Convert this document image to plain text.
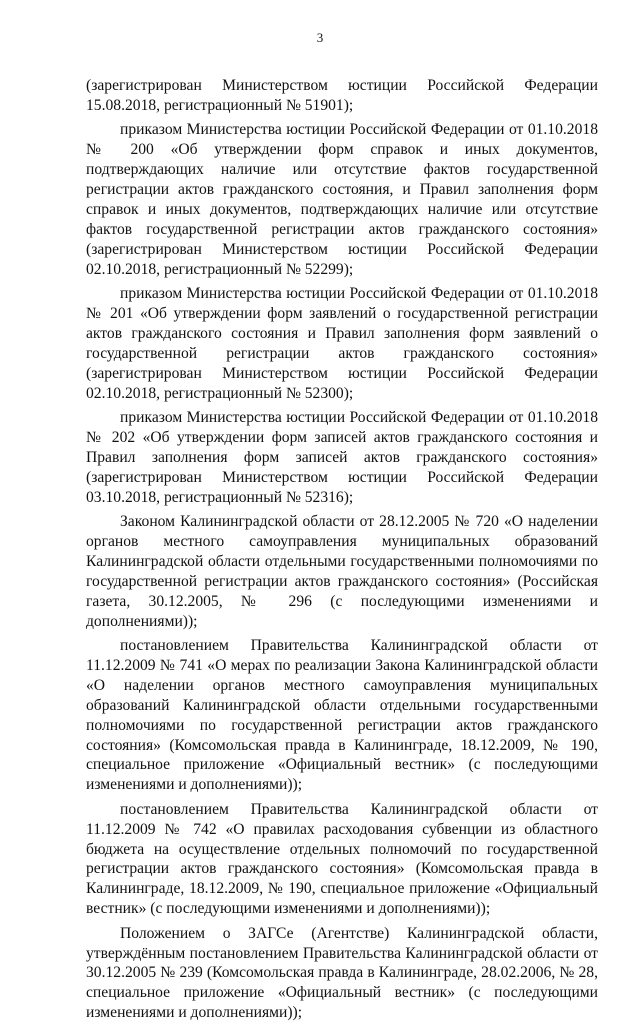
3

(зарегистрирован Министерством юстиции Российской Федерации 15.08.2018, регистрационный № 51901);

приказом Министерства юстиции Российской Федерации от 01.10.2018 № 200 «Об утверждении форм справок и иных документов, подтверждающих наличие или отсутствие фактов государственной регистрации актов гражданского состояния, и Правил заполнения форм справок и иных документов, подтверждающих наличие или отсутствие фактов государственной регистрации актов гражданского состояния» (зарегистрирован Министерством юстиции Российской Федерации 02.10.2018, регистрационный № 52299);

приказом Министерства юстиции Российской Федерации от 01.10.2018 № 201 «Об утверждении форм заявлений о государственной регистрации актов гражданского состояния и Правил заполнения форм заявлений о государственной регистрации актов гражданского состояния» (зарегистрирован Министерством юстиции Российской Федерации 02.10.2018, регистрационный № 52300);

приказом Министерства юстиции Российской Федерации от 01.10.2018 № 202 «Об утверждении форм записей актов гражданского состояния и Правил заполнения форм записей актов гражданского состояния» (зарегистрирован Министерством юстиции Российской Федерации 03.10.2018, регистрационный № 52316);

Законом Калининградской области от 28.12.2005 № 720 «О наделении органов местного самоуправления муниципальных образований Калининградской области отдельными государственными полномочиями по государственной регистрации актов гражданского состояния» (Российская газета, 30.12.2005, № 296 (с последующими изменениями и дополнениями));

постановлением Правительства Калининградской области от 11.12.2009 № 741 «О мерах по реализации Закона Калининградской области «О наделении органов местного самоуправления муниципальных образований Калининградской области отдельными государственными полномочиями по государственной регистрации актов гражданского состояния» (Комсомольская правда в Калининграде, 18.12.2009, № 190, специальное приложение «Официальный вестник» (с последующими изменениями и дополнениями));

постановлением Правительства Калининградской области от 11.12.2009 № 742 «О правилах расходования субвенции из областного бюджета на осуществление отдельных полномочий по государственной регистрации актов гражданского состояния» (Комсомольская правда в Калининграде, 18.12.2009, № 190, специальное приложение «Официальный вестник» (с последующими изменениями и дополнениями));

Положением о ЗАГСе (Агентстве) Калининградской области, утверждённым постановлением Правительства Калининградской области от 30.12.2005 № 239 (Комсомольская правда в Калининграде, 28.02.2006, № 28, специальное приложение «Официальный вестник» (с последующими изменениями и дополнениями));
